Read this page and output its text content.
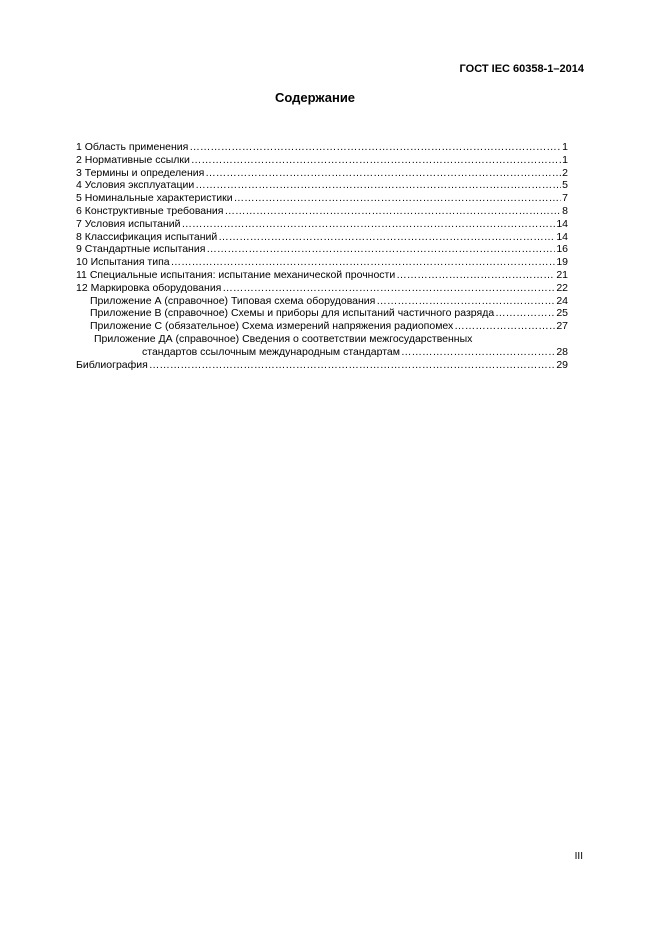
ГОСТ IEC 60358-1–2014
Содержание
1 Область применения ……………………………………………………………………………………………………………………………………………………………………………………………………	1
2 Нормативные ссылки ……………………………………………………………………………………………………………………………………………………………………………………………………	1
3 Термины и определения ……………………………………………………………………………………………………………………………………………………………………………………………………	2
4 Условия эксплуатации ……………………………………………………………………………………………………………………………………………………………………………………………………	5
5 Номинальные характеристики ……………………………………………………………………………………………………………………………………………………………………………………………………	7
6 Конструктивные требования ……………………………………………………………………………………………………………………………………………………………………………………………………	8
7 Условия испытаний ……………………………………………………………………………………………………………………………………………………………………………………………………	14
8 Классификация испытаний ……………………………………………………………………………………………………………………………………………………………………………………………………	14
9 Стандартные испытания ……………………………………………………………………………………………………………………………………………………………………………………………………	16
10 Испытания типа ……………………………………………………………………………………………………………………………………………………………………………………………………	19
11 Специальные испытания: испытание механической прочности ……………………………………………………………………………………………………………………………………………………………………………………………………	21
12 Маркировка оборудования ……………………………………………………………………………………………………………………………………………………………………………………………………	22
Приложение А (справочное) Типовая схема оборудования ……………………………………………………………………………………………………………………………………………………………………………………………………	24
Приложение В (справочное) Схемы и приборы для испытаний частичного разряда ……………………………………………………………………………………………………………………………………………………………………………………………………	25
Приложение С (обязательное) Схема измерений напряжения радиопомех ……………………………………………………………………………………………………………………………………………………………………………………………………	27
Приложение ДА (справочное) Сведения о соответствии межгосударственных
стандартов ссылочным международным стандартам ……………………………………………………………………………………………………………………………………………………………………………………………………	28
Библиография ……………………………………………………………………………………………………………………………………………………………………………………………………	29
III
